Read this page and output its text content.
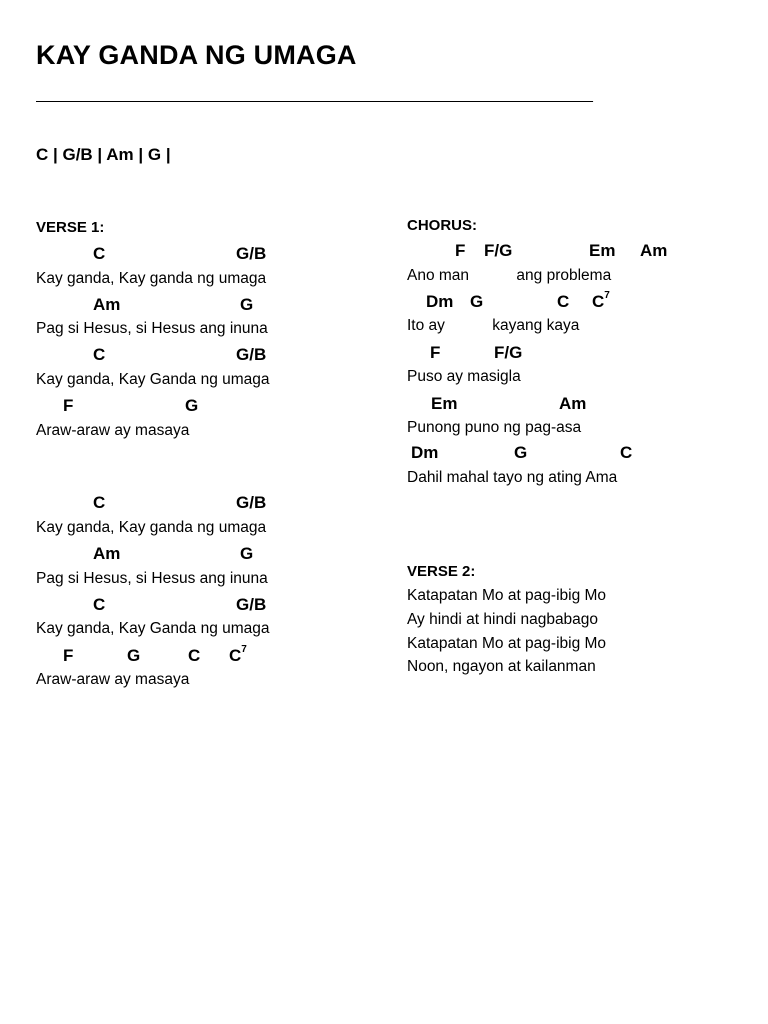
KAY GANDA NG UMAGA
________________________________________________________________
C | G/B | Am | G |
VERSE 1:
C	G/B
Kay ganda, Kay ganda ng umaga
Am	G
Pag si Hesus, si Hesus ang inuna
C	G/B
Kay ganda, Kay Ganda ng umaga
F	G
Araw-araw ay masaya
C	G/B
Kay ganda, Kay ganda ng umaga
Am	G
Pag si Hesus, si Hesus ang inuna
C	G/B
Kay ganda, Kay Ganda ng umaga
F	G	C $C^7$
Araw-araw ay masaya
CHORUS:
F F/G	Em Am
Ano man           ang problema
Dm G	C $C^7$
Ito ay           kayang kaya
F	F/G
Puso ay masigla
Em	Am
Punong puno ng pag-asa
Dm	G	C
Dahil mahal tayo ng ating Ama
VERSE 2:
Katapatan Mo at pag-ibig Mo
Ay hindi at hindi nagbabago
Katapatan Mo at pag-ibig Mo
Noon, ngayon at kailanman
